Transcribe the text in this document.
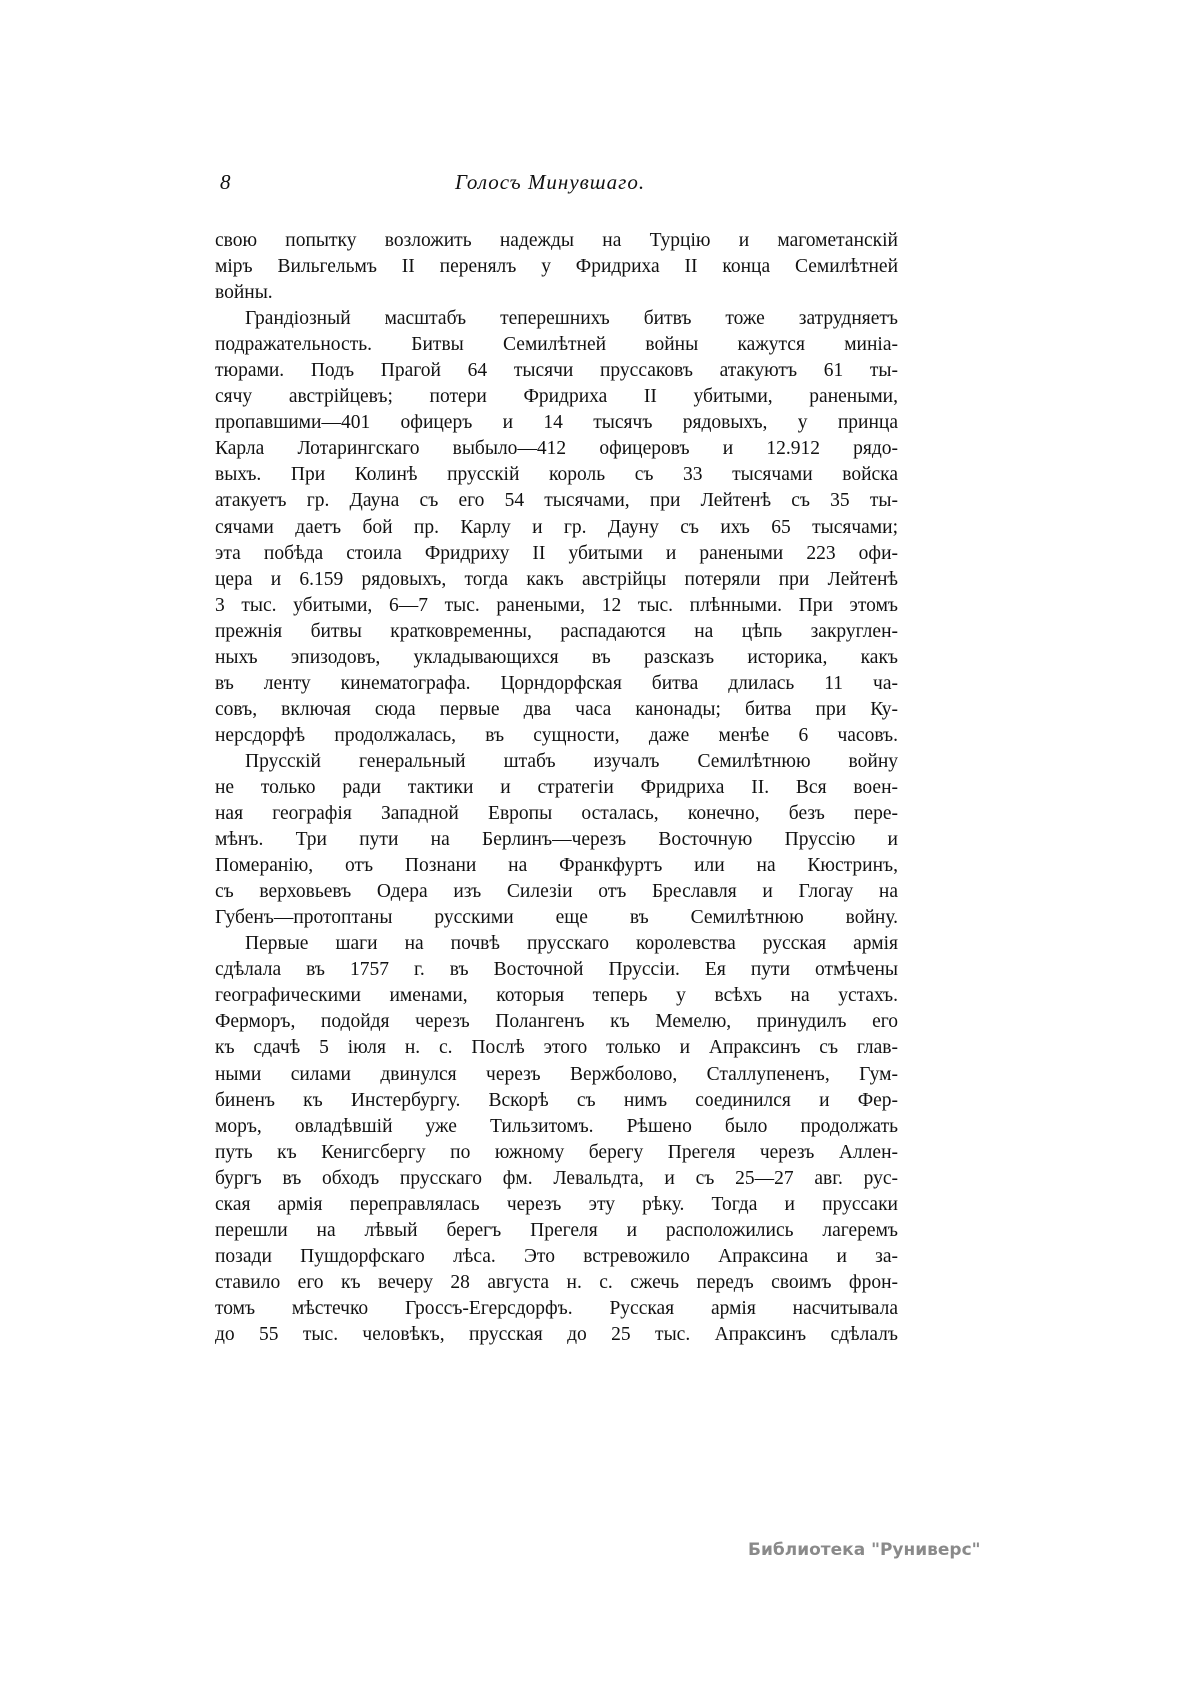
8	Голосъ Минувшаго.
свою попытку возложить надежды на Турцію и магометанскій
міръ Вильгельмъ II перенялъ у Фридриха II конца Семилѣтней
войны.
Грандіозный масштабъ теперешнихъ битвъ тоже затрудняетъ
подражательность. Битвы Семилѣтней войны кажутся миніа-
тюрами. Подъ Прагой 64 тысячи пруссаковъ атакуютъ 61 ты-
сячу австрійцевъ; потери Фридриха II убитыми, ранеными,
пропавшими—401 офицеръ и 14 тысячъ рядовыхъ, у принца
Карла Лотарингскаго выбыло—412 офицеровъ и 12.912 рядо-
выхъ. При Колинѣ прусскій король съ 33 тысячами войска
атакуетъ гр. Дауна съ его 54 тысячами, при Лейтенѣ съ 35 ты-
сячами даетъ бой пр. Карлу и гр. Дауну съ ихъ 65 тысячами;
эта побѣда стоила Фридриху II убитыми и ранеными 223 офи-
цера и 6.159 рядовыхъ, тогда какъ австрійцы потеряли при Лейтенѣ
3 тыс. убитыми, 6—7 тыс. ранеными, 12 тыс. плѣнными. При этомъ
прежнія битвы кратковременны, распадаются на цѣпь закруглен-
ныхъ эпизодовъ, укладывающихся въ разсказъ историка, какъ
въ ленту кинематографа. Цорндорфская битва длилась 11 ча-
совъ, включая сюда первые два часа канонады; битва при Ку-
нерсдорфѣ продолжалась, въ сущности, даже менѣе 6 часовъ.
Прусскій генеральный штабъ изучалъ Семилѣтнюю войну
не только ради тактики и стратегіи Фридриха II. Вся воен-
ная географія Западной Европы осталась, конечно, безъ пере-
мѣнъ. Три пути на Берлинъ—черезъ Восточную Пруссію и
Померанію, отъ Познани на Франкфуртъ или на Кюстринъ,
съ верховьевъ Одера изъ Силезіи отъ Бреславля и Глогау на
Губенъ—протоптаны русскими еще въ Семилѣтнюю войну.
Первые шаги на почвѣ прусскаго королевства русская армія
сдѣлала въ 1757 г. въ Восточной Пруссіи. Ея пути отмѣчены
географическими именами, которыя теперь у всѣхъ на устахъ.
Ферморъ, подойдя черезъ Полангенъ къ Мемелю, принудилъ его
къ сдачѣ 5 іюля н. с. Послѣ этого только и Апраксинъ съ глав-
ными силами двинулся черезъ Вержболово, Сталлупененъ, Гум-
биненъ къ Инстербургу. Вскорѣ съ нимъ соединился и Фер-
моръ, овладѣвшій уже Тильзитомъ. Рѣшено было продолжать
путь къ Кенигсбергу по южному берегу Прегеля черезъ Аллен-
бургъ въ обходъ прусскаго фм. Левальдта, и съ 25—27 авг. рус-
ская армія переправлялась черезъ эту рѣку. Тогда и пруссаки
перешли на лѣвый берегъ Прегеля и расположились лагеремъ
позади Пушдорфскаго лѣса. Это встревожило Апраксина и за-
ставило его къ вечеру 28 августа н. с. сжечь передъ своимъ фрон-
томъ мѣстечко Гроссъ-Егерсдорфъ. Русская армія насчитывала
до 55 тыс. человѣкъ, прусская до 25 тыс. Апраксинъ сдѣлалъ
Библиотека "Руниверс"
